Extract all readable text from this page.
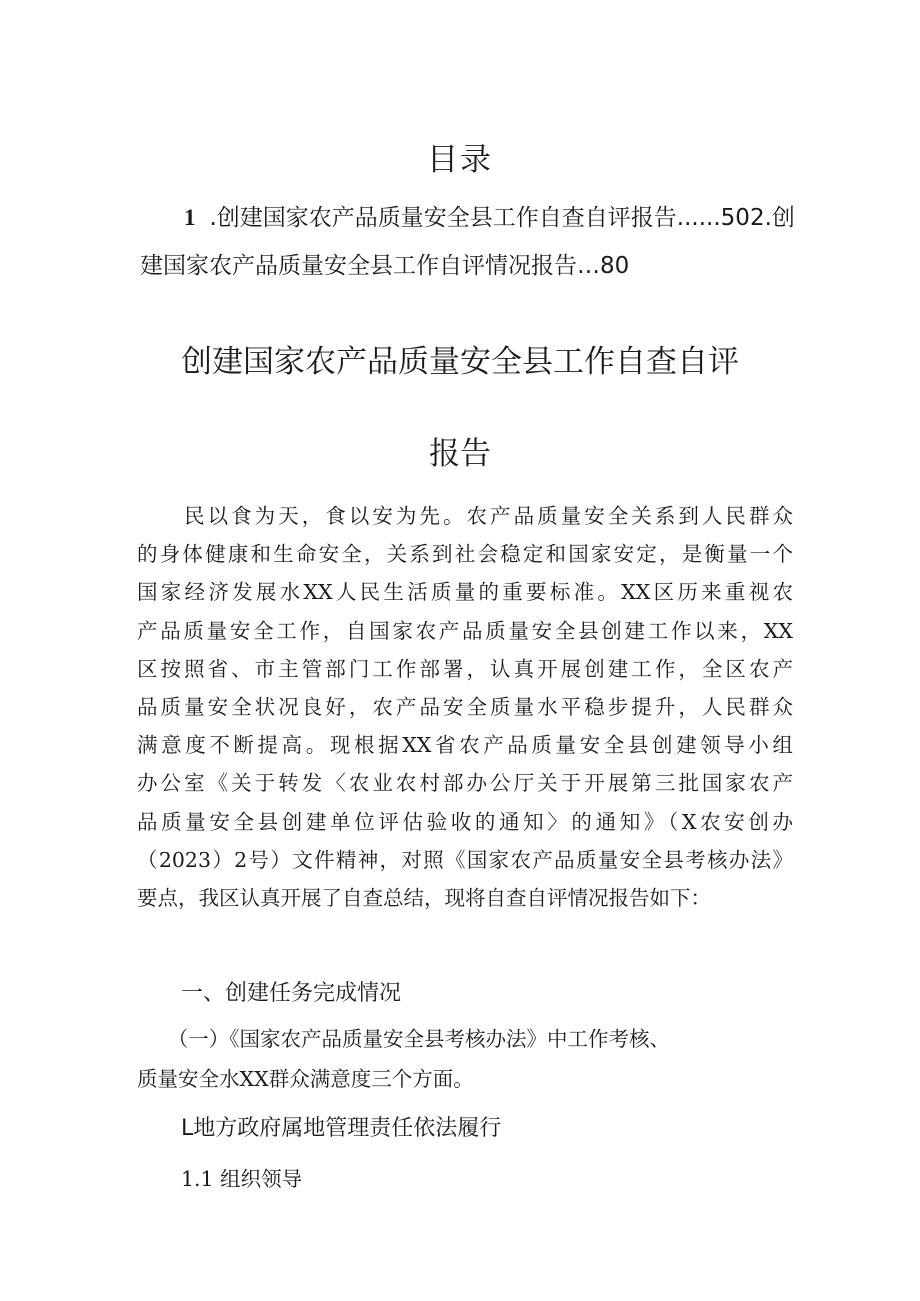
目录
1 .创建国家农产品质量安全县工作自查自评报告......502.创
建国家农产品质量安全县工作自评情况报告…80
创建国家农产品质量安全县工作自查自评
报告
　　民以食为天，食以安为先。农产品质量安全关系到人民群众
的身体健康和生命安全，关系到社会稳定和国家安定，是衡量一个
国家经济发展水XX人民生活质量的重要标准。XX区历来重视农
产品质量安全工作，自国家农产品质量安全县创建工作以来，XX
区按照省、市主管部门工作部署，认真开展创建工作，全区农产
品质量安全状况良好，农产品安全质量水平稳步提升，人民群众
满意度不断提高。现根据XX省农产品质量安全县创建领导小组
办公室《关于转发〈农业农村部办公厅关于开展第三批国家农产
品质量安全县创建单位评估验收的通知〉的通知》（X农安创办
（2023）2号）文件精神，对照《国家农产品质量安全县考核办法》
要点，我区认真开展了自查总结，现将自查自评情况报告如下：
一、创建任务完成情况
　　（一）《国家农产品质量安全县考核办法》中工作考核、
质量安全水XX群众满意度三个方面。
L地方政府属地管理责任依法履行
1.1 组织领导
